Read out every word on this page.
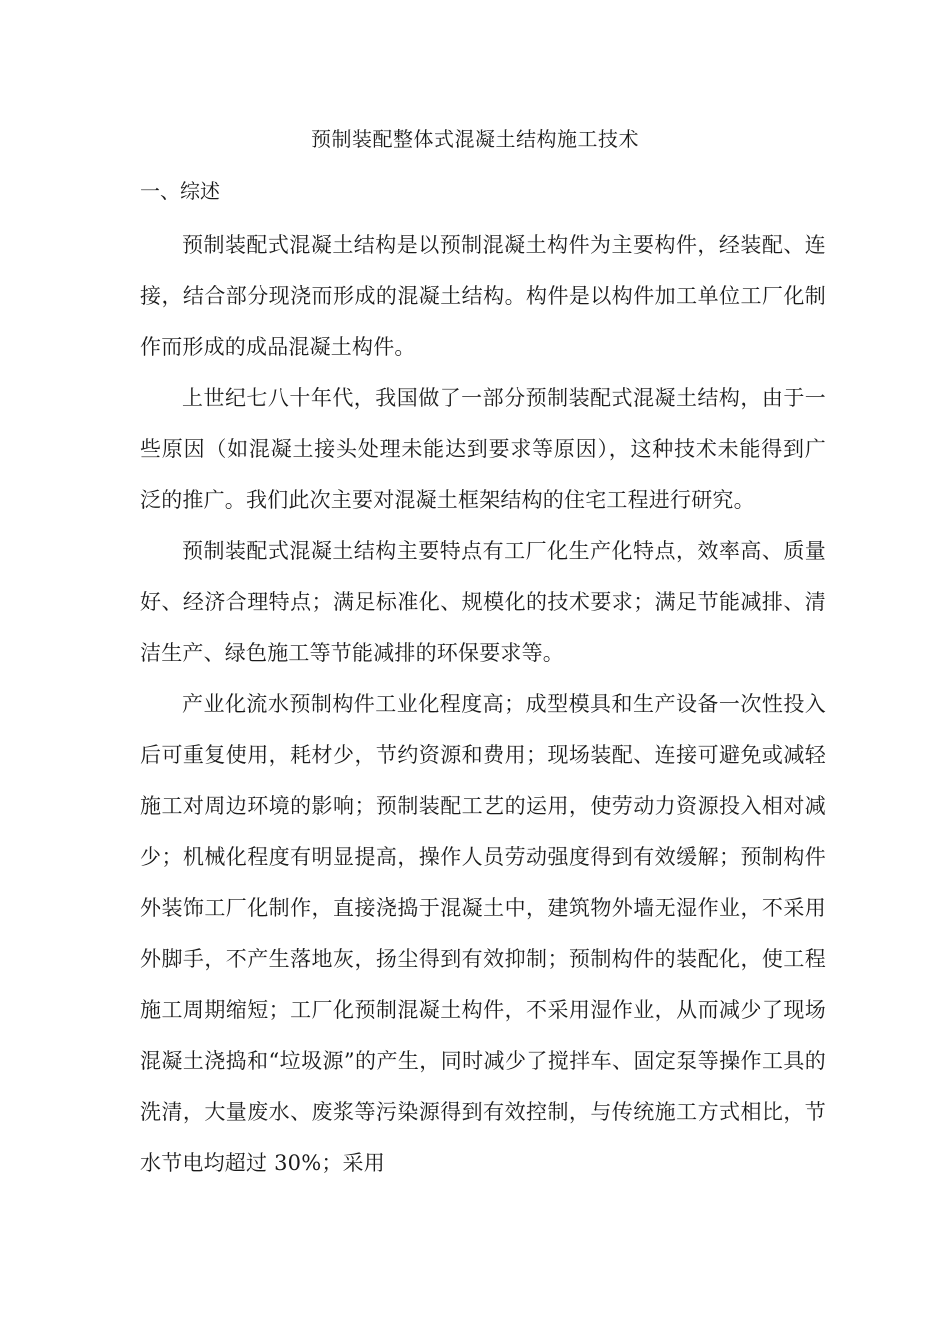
预制装配整体式混凝土结构施工技术
一、综述

预制装配式混凝土结构是以预制混凝土构件为主要构件，经装配、连接，结合部分现浇而形成的混凝土结构。构件是以构件加工单位工厂化制作而形成的成品混凝土构件。

上世纪七八十年代，我国做了一部分预制装配式混凝土结构，由于一些原因（如混凝土接头处理未能达到要求等原因），这种技术未能得到广泛的推广。我们此次主要对混凝土框架结构的住宅工程进行研究。

预制装配式混凝土结构主要特点有工厂化生产化特点，效率高、质量好、经济合理特点；满足标准化、规模化的技术要求；满足节能减排、清洁生产、绿色施工等节能减排的环保要求等。

产业化流水预制构件工业化程度高；成型模具和生产设备一次性投入后可重复使用，耗材少，节约资源和费用；现场装配、连接可避免或减轻施工对周边环境的影响；预制装配工艺的运用，使劳动力资源投入相对减少；机械化程度有明显提高，操作人员劳动强度得到有效缓解；预制构件外装饰工厂化制作，直接浇捣于混凝土中，建筑物外墙无湿作业，不采用外脚手，不产生落地灰，扬尘得到有效抑制；预制构件的装配化，使工程施工周期缩短；工厂化预制混凝土构件，不采用湿作业，从而减少了现场混凝土浇捣和“垃圾源”的产生，同时减少了搅拌车、固定泵等操作工具的洗清，大量废水、废浆等污染源得到有效控制，与传统施工方式相比，节水节电均超过 30%；采用
